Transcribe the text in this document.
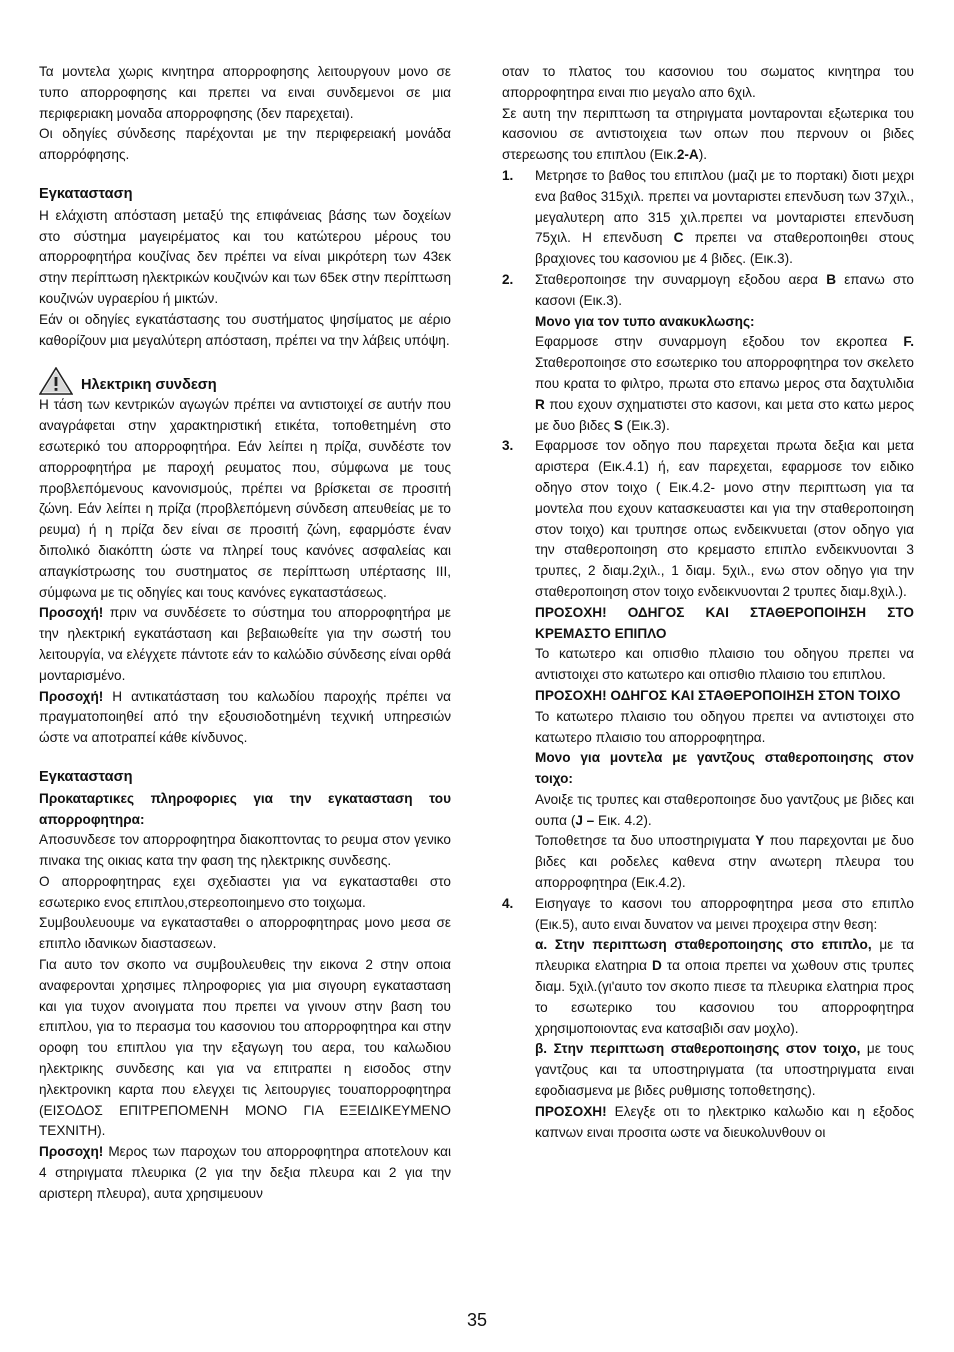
Τα μοντελα χωρις κινητηρα απορροφησης λειτουργουν μονο σε τυπο απορροφησης και πρεπει να ειναι συνδεμενοι σε μια περιφεριακη μοναδα απορροφησης (δεν παρεχεται).

Οι οδηγίες σύνδεσης παρέχονται με την περιφερειακή μονάδα απορρόφησης.

Εγκατασταση

Η ελάχιστη απόσταση μεταξύ της επιφάνειας βάσης των δοχείων στο σύστημα μαγειρέματος και του κατώτερου μέρους του απορροφητήρα κουζίνας δεν πρέπει να είναι μικρότερη των 43εκ στην περίπτωση ηλεκτρικών κουζινών και των 65εκ στην περίπτωση κουζινών υγραερίου ή μικτών.

Εάν οι οδηγίες εγκατάστασης του συστήματος ψησίματος με αέριο καθορίζουν μια μεγαλύτερη απόσταση, πρέπει να την λάβεις υπόψη.

Ηλεκτρικη συνδεση

Η τάση των κεντρικών αγωγών πρέπει να αντιστοιχεί σε αυτήν που αναγράφεται στην χαρακτηριστική ετικέτα, τοποθετημένη στο εσωτερικό του απορροφητήρα. Εάν λείπει η πρίζα, συνδέστε τον απορροφητήρα με παροχή ρευματος που, σύμφωνα με τους προβλεπόμενους κανονισμούς, πρέπει να βρίσκεται σε προσιτή ζώνη. Εάν λείπει η πρίζα (προβλεπόμενη σύνδεση απευθείας με το ρευμα) ή η πρίζα δεν είναι σε προσιτή ζώνη, εφαρμόστε έναν διπολικό διακόπτη ώστε να πληρεί τους κανόνες ασφαλείας και απαγκίστρωσης του συστηματος σε περίπτωση υπέρτασης ΙΙΙ, σύμφωνα με τις οδηγίες και τους κανόνες εγκαταστάσεως.

Προσοχή! πριν να συνδέσετε το σύστημα του απορροφητήρα με την ηλεκτρική εγκατάσταση και βεβαιωθείτε για την σωστή του λειτουργία, να ελέγχετε πάντοτε εάν το καλώδιο σύνδεσης είναι ορθά μονταρισμένο.

Προσοχή! Η αντικατάσταση του καλωδίου παροχής πρέπει να πραγματοποιηθεί από την εξουσιοδοτημένη τεχνική υπηρεσιών ώστε να αποτραπεί κάθε κίνδυνος.

Εγκατασταση

Προκαταρτικες πληροφοριες για την εγκατασταση του απορροφητηρα:

Αποσυνδεσε τον απορροφητηρα διακοπτοντας το ρευμα στον γενικο πινακα της οικιας κατα την φαση της ηλεκτρικης συνδεσης.

Ο απορροφητηρας εχει σχεδιαστει για να εγκατασταθει στο εσωτερικο ενος επιπλου,στερεοποιημενο στο τοιχωμα.

Συμβουλευουμε να εγκατασταθει ο απορροφητηρας μονο μεσα σε επιπλο ιδανικων διαστασεων.

Για αυτο τον σκοπο να συμβουλευθεις την εικονα 2 στην οποια αναφερονται χρησιμες πληροφοριες για μια σιγουρη εγκατασταση και για τυχον ανοιγματα που πρεπει να γινουν στην βαση του επιπλου, για το περασμα του κασονιου του απορροφητηρα και στην οροφη του επιπλου για την εξαγωγη του αερα, του καλωδιου ηλεκτρικης συνδεσης και για να επιτραπει η εισοδος στην ηλεκτρονικη καρτα που ελεγχει τις λειτουργιες τουαπορροφητηρα (ΕΙΣΟΔΟΣ ΕΠΙΤΡΕΠΟΜΕΝΗ ΜΟΝΟ ΓΙΑ ΕΞΕΙΔΙΚΕΥΜΕΝΟ ΤΕΧΝΙΤΗ).

Προσοχη! Μερος των παροχων του απορροφητηρα αποτελουν και 4 στηριγματα πλευρικα (2 για την δεξια πλευρα και 2 για την αριστερη πλευρα), αυτα χρησιμευουν

οταν το πλατος του κασονιου του σωματος κινητηρα του απορροφητηρα ειναι πιο μεγαλο απο 6χιλ.

Σε αυτη την περιπτωση τα στηριγματα μονταρονται εξωτερικα του κασονιου σε αντιστοιχεια των οπων που περνουν οι βιδες στερεωσης του επιπλου (Εικ.2-Α).

1.	Μετρησε το βαθος του επιπλου (μαζι με το πορτακι) διοτι μεχρι ενα βαθος 315χιλ. πρεπει να μονταριστει επενδυση των 37χιλ., μεγαλυτερη απο 315 χιλ.πρεπει να μονταριστει επενδυση 75χιλ. Η επενδυση C πρεπει να σταθεροποιηθει στους βραχιονες του κασονιου με 4 βιδες. (Εικ.3).

2.	Σταθεροποιησε την συναρμογη εξοδου αερα B επανω στο κασονι (Εικ.3).

Μονο για τον τυπο ανακυκλωσης:

Εφαρμοσε στην συναρμογη εξοδου τον εκροπεα F. Σταθεροποιησε στο εσωτερικο του απορροφητηρα τον σκελετο που κρατα το φιλτρο, πρωτα στο επανω μερος στα δαχτυλιδια R που εχουν σχηματιστει στο κασονι, και μετα στο κατω μερος με δυο βιδες S (Εικ.3).

3.	Εφαρμοσε τον οδηγο που παρεχεται πρωτα δεξια και μετα αριστερα (Εικ.4.1) ή, εαν παρεχεται, εφαρμοσε τον ειδικο οδηγο στον τοιχο ( Εικ.4.2- μονο στην περιπτωση για τα μοντελα που εχουν κατασκευαστει και για την σταθεροποιηση στον τοιχο) και τρυπησε οπως ενδεικνυεται (στον οδηγο για την σταθεροποιηση στο κρεμαστο επιπλο ενδεικνυονται 3 τρυπες, 2 διαμ.2χιλ., 1 διαμ. 5χιλ., ενω στον οδηγο για την σταθεροποιηση στον τοιχο ενδεικνυονται 2 τρυπες διαμ.8χιλ.).

ΠΡΟΣΟΧΗ! ΟΔΗΓΟΣ ΚΑΙ ΣΤΑΘΕΡΟΠΟΙΗΣΗ ΣΤΟ ΚΡΕΜΑΣΤΟ ΕΠΙΠΛΟ

Το κατωτερο και οπισθιο πλαισιο του οδηγου πρεπει να αντιστοιχει στο κατωτερο και οπισθιο πλαισιο του επιπλου.

ΠΡΟΣΟΧΗ! ΟΔΗΓΟΣ ΚΑΙ ΣΤΑΘΕΡΟΠΟΙΗΣΗ ΣΤΟΝ ΤΟΙΧΟ

Το κατωτερο πλαισιο του οδηγου πρεπει να αντιστοιχει στο κατωτερο πλαισιο του απορροφητηρα.

Μονο για μοντελα με γαντζους σταθεροποιησης στον τοιχο:

Ανοιξε τις τρυπες και σταθεροποιησε δυο γαντζους με βιδες και ουπα (J – Εικ. 4.2).

Τοποθετησε τα δυο υποστηριγματα Y που παρεχονται με δυο βιδες και ροδελες καθενα στην ανωτερη πλευρα του απορροφητηρα (Εικ.4.2).

4.	Εισηγαγε το κασονι του απορροφητηρα μεσα στο επιπλο (Εικ.5), αυτο ειναι δυνατον να μεινει προχειρα στην θεση:

α. Στην περιπτωση σταθεροποιησης στο επιπλο, με τα πλευρικα ελατηρια D τα οποια πρεπει να χωθουν στις τρυπες διαμ. 5χιλ.(γι'αυτο τον σκοπο πιεσε τα πλευρικα ελατηρια προς το εσωτερικο του κασονιου του απορροφητηρα χρησιμοποιοντας ενα κατσαβιδι σαν μοχλο).

β. Στην περιπτωση σταθεροποιησης στον τοιχο, με τους γαντζους και τα υποστηριγματα (τα υποστηριγματα ειναι εφοδιασμενα με βιδες ρυθμισης τοποθετησης).

ΠΡΟΣΟΧΗ! Ελεγξε οτι το ηλεκτρικο καλωδιο και η εξοδος καπνων ειναι προσιτα ωστε να διευκολυνθουν οι

35
